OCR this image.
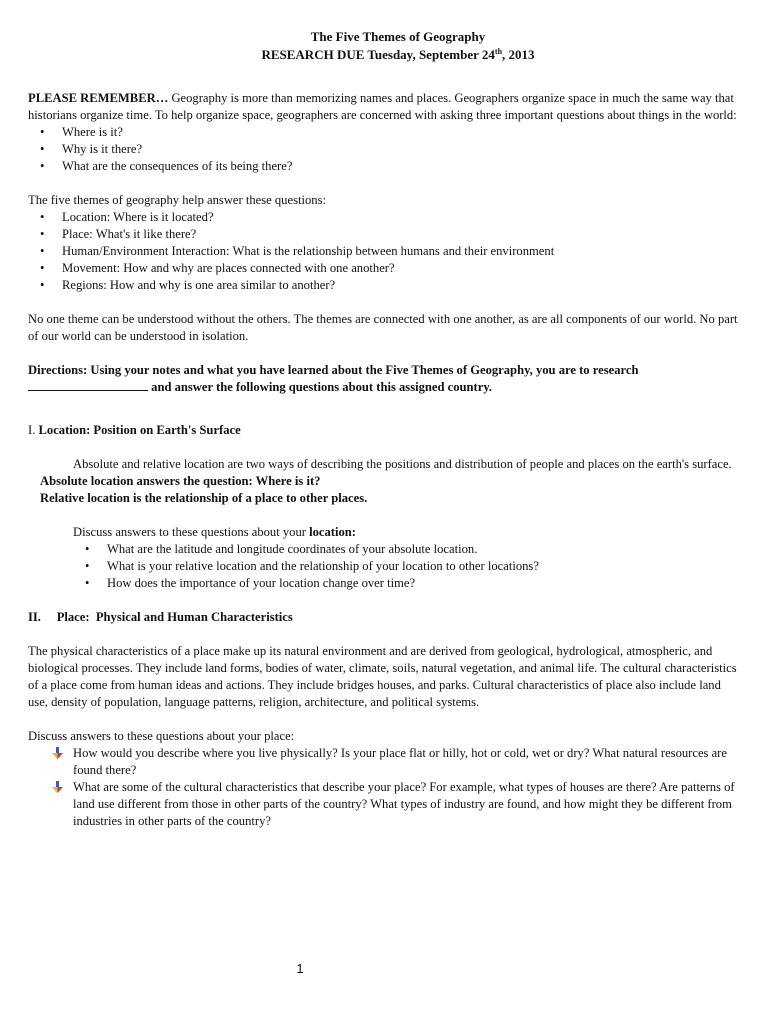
The Five Themes of Geography
RESEARCH DUE Tuesday, September 24th, 2013

PLEASE REMEMBER… Geography is more than memorizing names and places. Geographers organize space in much the same way that historians organize time. To help organize space, geographers are concerned with asking three important questions about things in the world:

• Where is it?
• Why is it there?
• What are the consequences of its being there?

The five themes of geography help answer these questions:

• Location: Where is it located?
• Place: What's it like there?
• Human/Environment Interaction: What is the relationship between humans and their environment
• Movement: How and why are places connected with one another?
• Regions: How and why is one area similar to another?

No one theme can be understood without the others. The themes are connected with one another, as are all components of our world. No part of our world can be understood in isolation.

Directions: Using your notes and what you have learned about the Five Themes of Geography, you are to research  and answer the following questions about this assigned country.

I. Location: Position on Earth's Surface

Absolute and relative location are two ways of describing the positions and distribution of people and places on the earth's surface.

Absolute location answers the question: Where is it?

Relative location is the relationship of a place to other places.

Discuss answers to these questions about your location:

• What are the latitude and longitude coordinates of your absolute location.
• What is your relative location and the relationship of your location to other locations?
• How does the importance of your location change over time?

II.     Place:  Physical and Human Characteristics

The physical characteristics of a place make up its natural environment and are derived from geological, hydrological, atmospheric, and biological processes. They include land forms, bodies of water, climate, soils, natural vegetation, and animal life. The cultural characteristics of a place come from human ideas and actions. They include bridges houses, and parks. Cultural characteristics of place also include land use, density of population, language patterns, religion, architecture, and political systems.

Discuss answers to these questions about your place:

How would you describe where you live physically? Is your place flat or hilly, hot or cold, wet or dry? What natural resources are found there?
What are some of the cultural characteristics that describe your place? For example, what types of houses are there? Are patterns of land use different from those in other parts of the country? What types of industry are found, and how might they be different from industries in other parts of the country?
1
